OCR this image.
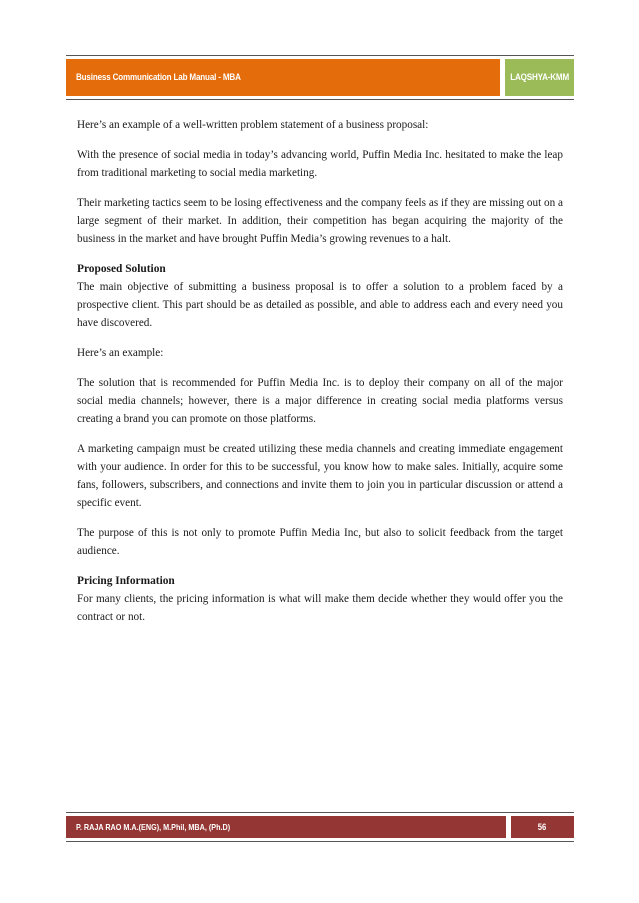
Business Communication Lab Manual - MBA	LAQSHYA-KMM

Here’s an example of a well-written problem statement of a business proposal:

With the presence of social media in today’s advancing world, Puffin Media Inc. hesitated to make the leap from traditional marketing to social media marketing.

Their marketing tactics seem to be losing effectiveness and the company feels as if they are missing out on a large segment of their market. In addition, their competition has began acquiring the majority of the business in the market and have brought Puffin Media’s growing revenues to a halt.

Proposed Solution

The main objective of submitting a business proposal is to offer a solution to a problem faced by a prospective client. This part should be as detailed as possible, and able to address each and every need you have discovered.

Here’s an example:

The solution that is recommended for Puffin Media Inc. is to deploy their company on all of the major social media channels; however, there is a major difference in creating social media platforms versus creating a brand you can promote on those platforms.

A marketing campaign must be created utilizing these media channels and creating immediate engagement with your audience. In order for this to be successful, you know how to make sales. Initially, acquire some fans, followers, subscribers, and connections and invite them to join you in particular discussion or attend a specific event.

The purpose of this is not only to promote Puffin Media Inc, but also to solicit feedback from the target audience.

Pricing Information

For many clients, the pricing information is what will make them decide whether they would offer you the contract or not.

P. RAJA RAO M.A.(ENG), M.Phil, MBA, (Ph.D)	56
